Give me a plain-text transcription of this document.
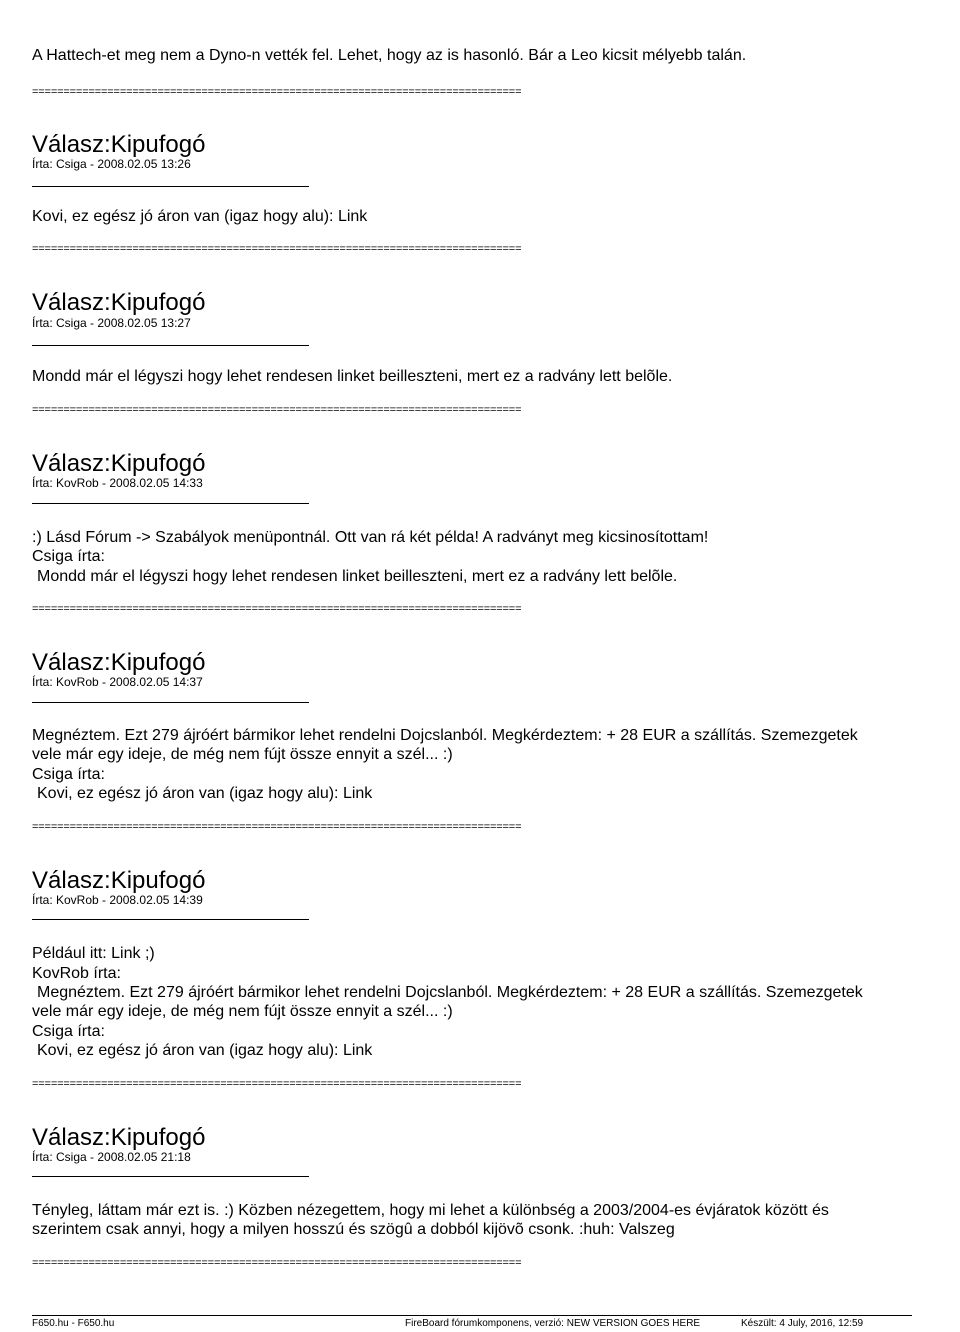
A Hattech-et meg nem a Dyno-n vették fel. Lehet, hogy az is hasonló. Bár a Leo kicsit mélyebb talán.
==============================================================================
Válasz:Kipufogó
Írta: Csiga - 2008.02.05 13:26
Kovi, ez egész jó áron van (igaz hogy alu): Link
==============================================================================
Válasz:Kipufogó
Írta: Csiga - 2008.02.05 13:27
Mondd már el légyszi hogy lehet rendesen linket beilleszteni, mert ez a radvány lett belõle.
==============================================================================
Válasz:Kipufogó
Írta: KovRob - 2008.02.05 14:33
:) Lásd Fórum -> Szabályok menüpontnál. Ott van rá két példa! A radványt meg kicsinosítottam!
Csiga írta:
Mondd már el légyszi hogy lehet rendesen linket beilleszteni, mert ez a radvány lett belõle.
==============================================================================
Válasz:Kipufogó
Írta: KovRob - 2008.02.05 14:37
Megnéztem. Ezt 279 ájróért bármikor lehet rendelni Dojcslanból. Megkérdeztem: + 28 EUR a szállítás. Szemezgetek
vele már egy ideje, de még nem fújt össze ennyit a szél... :)
Csiga írta:
Kovi, ez egész jó áron van (igaz hogy alu): Link
==============================================================================
Válasz:Kipufogó
Írta: KovRob - 2008.02.05 14:39
Például itt: Link ;)
KovRob írta:
Megnéztem. Ezt 279 ájróért bármikor lehet rendelni Dojcslanból. Megkérdeztem: + 28 EUR a szállítás. Szemezgetek
vele már egy ideje, de még nem fújt össze ennyit a szél... :)
Csiga írta:
Kovi, ez egész jó áron van (igaz hogy alu): Link
==============================================================================
Válasz:Kipufogó
Írta: Csiga - 2008.02.05 21:18
Tényleg, láttam már ezt is. :) Közben nézegettem, hogy mi lehet a különbség a 2003/2004-es évjáratok között és
szerintem csak annyi, hogy a milyen hosszú és szögû a dobból kijövõ csonk. :huh: Valszeg
==============================================================================
F650.hu - F650.hu	FireBoard fórumkomponens, verzió: NEW VERSION GOES HERE	Készült: 4 July, 2016, 12:59
